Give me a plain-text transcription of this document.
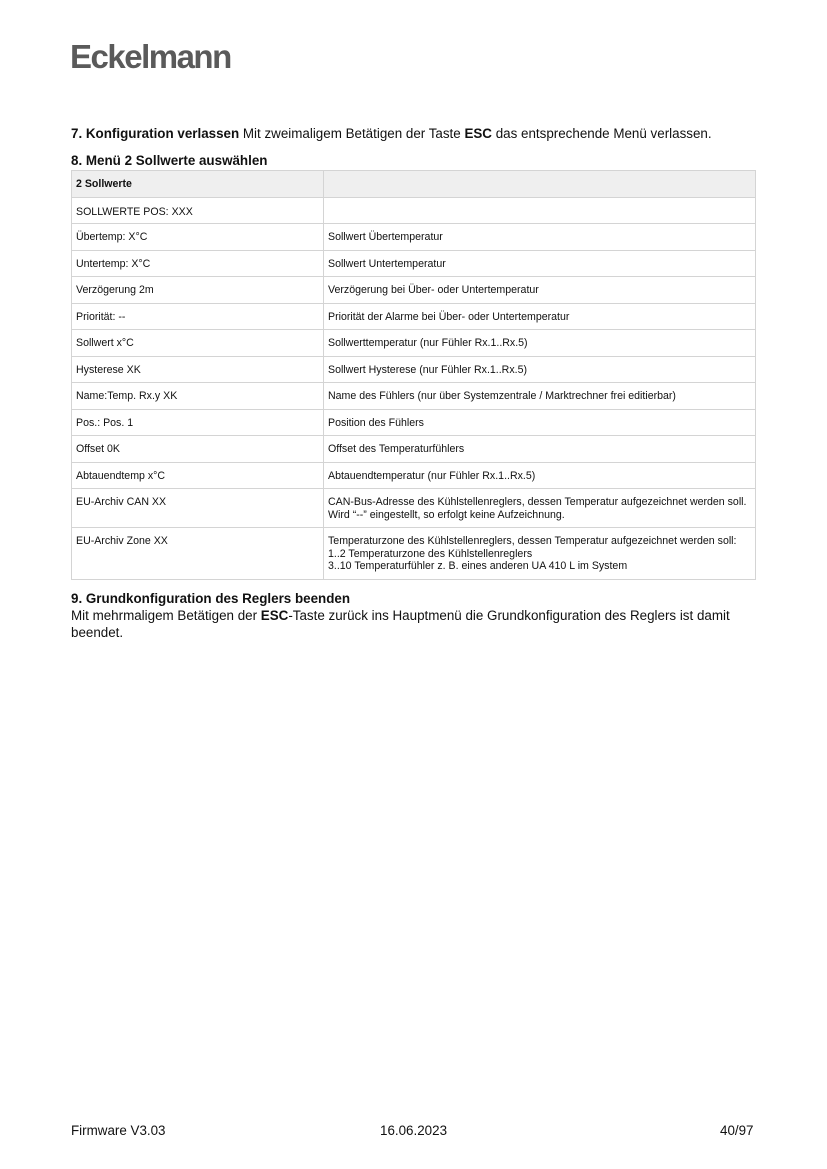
Eckelmann
7. Konfiguration verlassen Mit zweimaligem Betätigen der Taste ESC das entsprechende Menü verlassen.
8. Menü 2 Sollwerte auswählen
2 Sollwerte	
SOLLWERTE POS: XXX	
Übertemp: X°C	Sollwert Übertemperatur

Untertemp: X°C	Sollwert Untertemperatur

Verzögerung 2m	Verzögerung bei Über- oder Untertemperatur

Priorität: --	Priorität der Alarme bei Über- oder Untertemperatur

Sollwert x°C	Sollwerttemperatur (nur Fühler Rx.1..Rx.5)

Hysterese XK	Sollwert Hysterese (nur Fühler Rx.1..Rx.5)

Name:Temp. Rx.y XK	Name des Fühlers (nur über Systemzentrale / Marktrechner frei editierbar)

Pos.: Pos. 1	Position des Fühlers

Offset 0K	Offset des Temperaturfühlers

Abtauendtemp x°C	Abtauendtemperatur (nur Fühler Rx.1..Rx.5)

EU-Archiv CAN XX	CAN-Bus-Adresse des Kühlstellenreglers, dessen Temperatur aufgezeichnet werden soll. Wird “--” eingestellt, so erfolgt keine Aufzeichnung.

EU-Archiv Zone XX	Temperaturzone des Kühlstellenreglers, dessen Temperatur aufgezeichnet werden soll:
1..2 Temperaturzone des Kühlstellenreglers
3..10 Temperaturfühler z. B. eines anderen UA 410 L im System
9. Grundkonfiguration des Reglers beenden
Mit mehrmaligem Betätigen der ESC-Taste zurück ins Hauptmenü die Grundkonfiguration des Reglers ist damit beendet.
Firmware V3.03	16.06.2023	40/97
